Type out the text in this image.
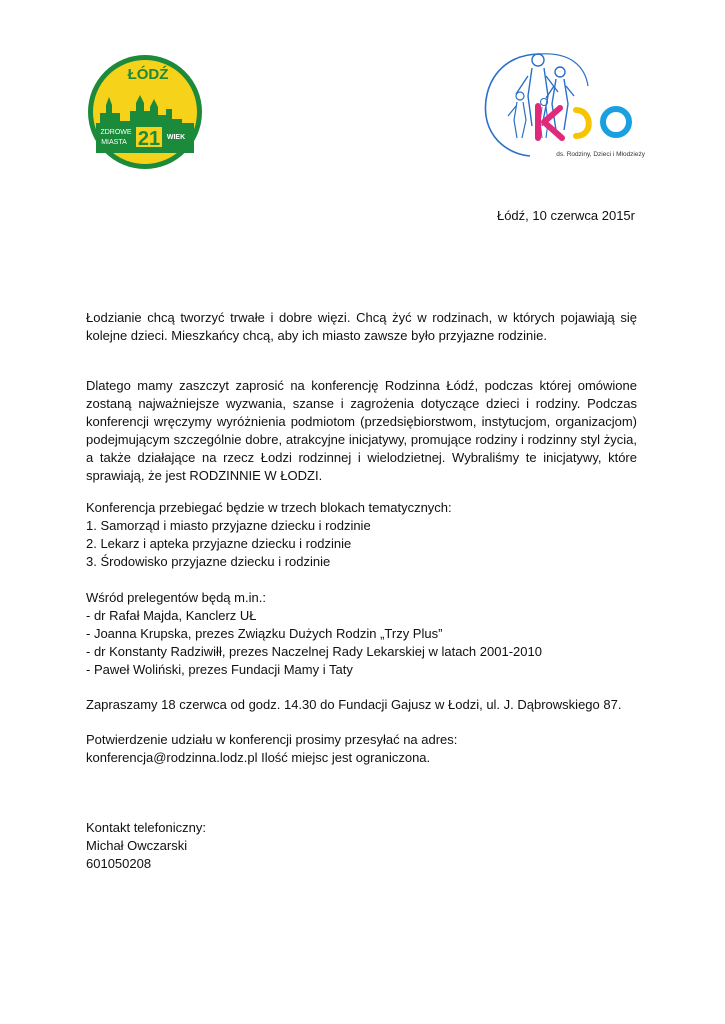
ŁÓDŹ
ZDROWE
MIASTA 21 WIEK
ds. Rodziny, Dzieci i Młodzieży
Łódź, 10 czerwca 2015r

Łodzianie chcą tworzyć trwałe i dobre więzi. Chcą żyć w rodzinach, w których pojawiają się kolejne dzieci. Mieszkańcy chcą, aby ich miasto zawsze było przyjazne rodzinie.

Dlatego mamy zaszczyt zaprosić na konferencję Rodzinna Łódź, podczas której omówione zostaną najważniejsze wyzwania, szanse i zagrożenia dotyczące dzieci i rodziny. Podczas konferencji wręczymy wyróżnienia podmiotom (przedsiębiorstwom, instytucjom, organizacjom) podejmującym szczególnie dobre, atrakcyjne inicjatywy, promujące rodziny i rodzinny styl życia, a także działające na rzecz Łodzi rodzinnej i wielodzietnej. Wybraliśmy te inicjatywy, które sprawiają, że jest RODZINNIE W ŁODZI.

Konferencja przebiegać będzie w trzech blokach tematycznych:

1. Samorząd i miasto przyjazne dziecku i rodzinie

2. Lekarz i apteka przyjazne dziecku i rodzinie

3. Środowisko przyjazne dziecku i rodzinie

Wśród prelegentów będą m.in.:

- dr Rafał Majda, Kanclerz UŁ

- Joanna Krupska, prezes Związku Dużych Rodzin „Trzy Plus”

- dr Konstanty Radziwiłł, prezes Naczelnej Rady Lekarskiej w latach 2001-2010

- Paweł Woliński, prezes Fundacji Mamy i Taty

Zapraszamy 18 czerwca od godz. 14.30 do Fundacji Gajusz w Łodzi, ul. J. Dąbrowskiego 87.

Potwierdzenie udziału w konferencji prosimy przesyłać na adres:

konferencja@rodzinna.lodz.pl Ilość miejsc jest ograniczona.

Kontakt telefoniczny:

Michał Owczarski

601050208
